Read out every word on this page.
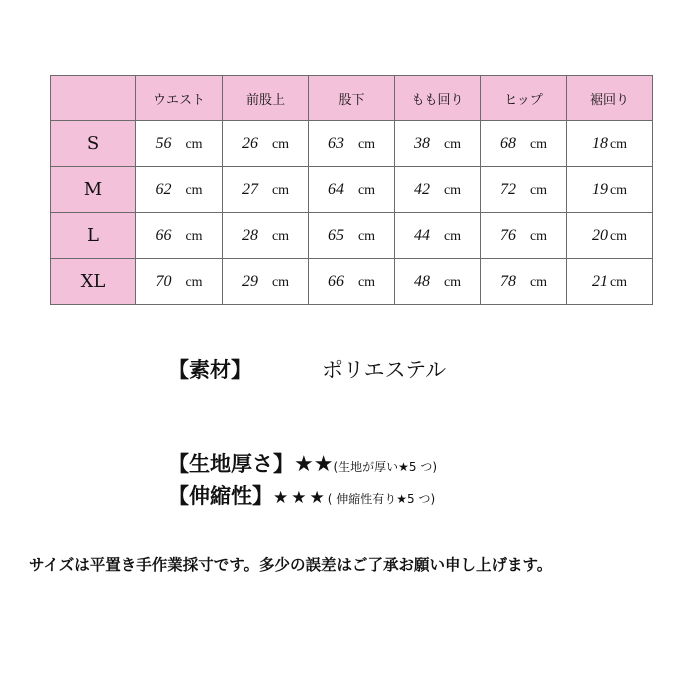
	ウエスト	前股上	股下	もも回り	ヒップ	裾回り
S	56 cm	26 cm	63 cm	38 cm	68 cm	18 cm
M	62 cm	27 cm	64 cm	42 cm	72 cm	19 cm
L	66 cm	28 cm	65 cm	44 cm	76 cm	20 cm
XL	70 cm	29 cm	66 cm	48 cm	78 cm	21 cm
【素材】	ポリエステル
【生地厚さ】 ★★ (生地が厚い★5 つ)
【伸縮性】 ★★★ ( 伸縮性有り★5 つ)
サイズは平置き手作業採寸です。多少の誤差はご了承お願い申し上げます。
